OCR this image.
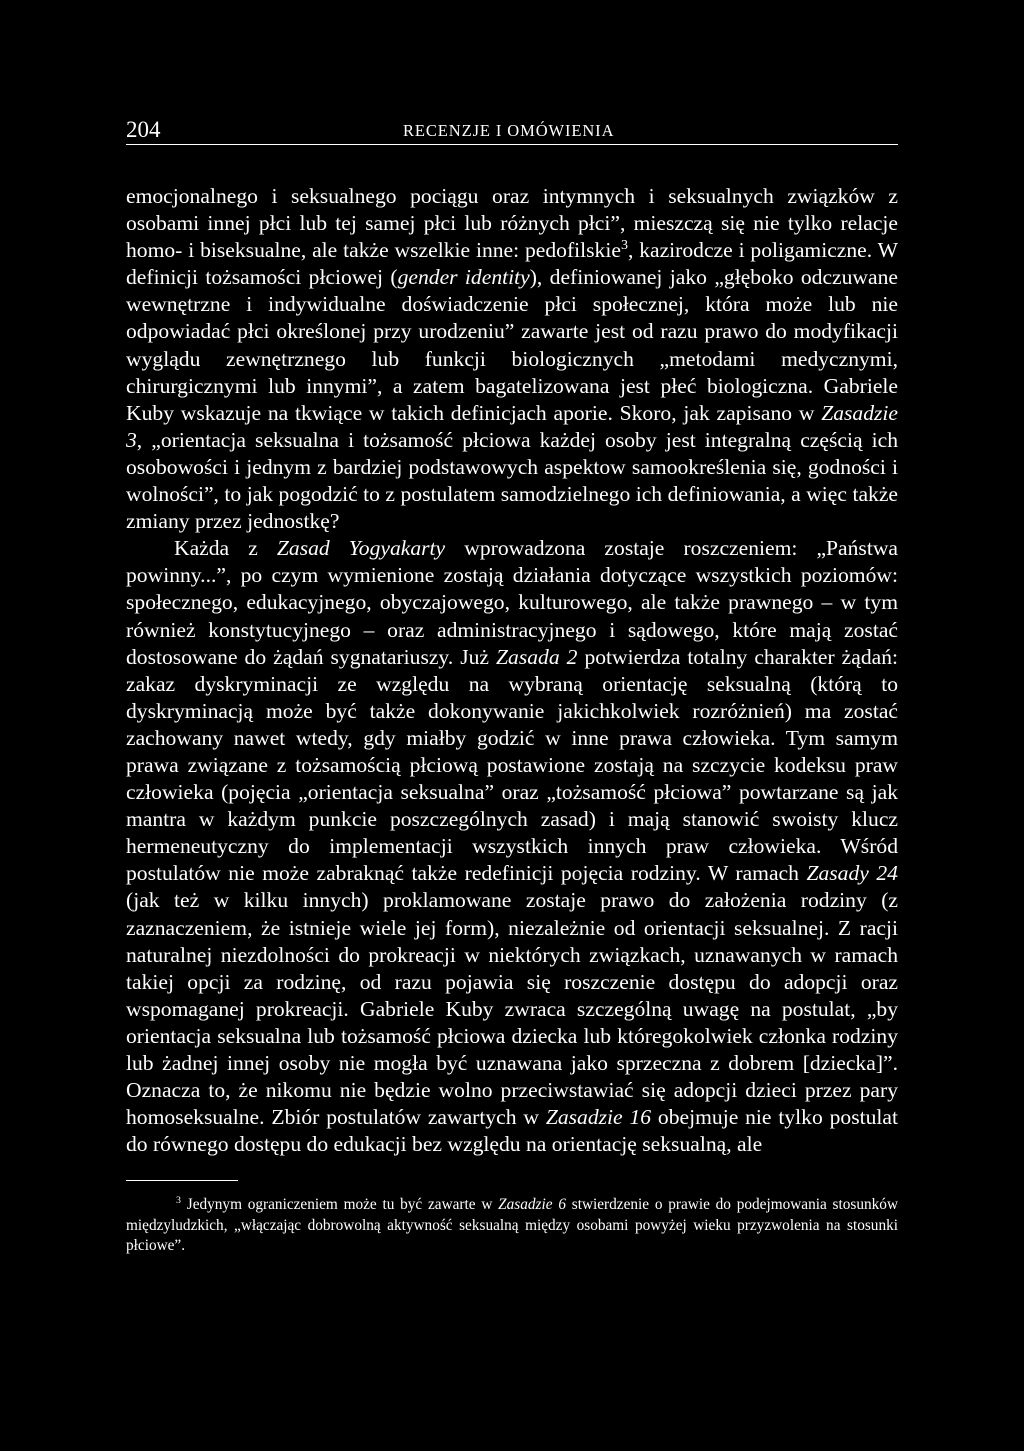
204	RECENZJE I OMÓWIENIA

emocjonalnego i seksualnego pociągu oraz intymnych i seksualnych związków z osobami innej płci lub tej samej płci lub różnych płci”, mieszczą się nie tylko relacje homo- i biseksualne, ale także wszelkie inne: pedofilskie$^3$, kazirodcze i poligamiczne. W definicji tożsamości płciowej (gender identity), definiowanej jako „głęboko odczuwane wewnętrzne i indywidualne doświadczenie płci społecznej, która może lub nie odpowiadać płci określonej przy urodzeniu” zawarte jest od razu prawo do modyfikacji wyglądu zewnętrznego lub funkcji biologicznych „metodami medycznymi, chirurgicznymi lub innymi”, a zatem bagatelizowana jest płeć biologiczna. Gabriele Kuby wskazuje na tkwiące w takich definicjach aporie. Skoro, jak zapisano w Zasadzie 3, „orientacja seksualna i tożsamość płciowa każdej osoby jest integralną częścią ich osobowości i jednym z bardziej podstawowych aspektow samookreślenia się, godności i wolności”, to jak pogodzić to z postulatem samodzielnego ich definiowania, a więc także zmiany przez jednostkę?

Każda z Zasad Yogyakarty wprowadzona zostaje roszczeniem: „Państwa powinny...”, po czym wymienione zostają działania dotyczące wszystkich poziomów: społecznego, edukacyjnego, obyczajowego, kulturowego, ale także prawnego – w tym również konstytucyjnego – oraz administracyjnego i sądowego, które mają zostać dostosowane do żądań sygnatariuszy. Już Zasada 2 potwierdza totalny charakter żądań: zakaz dyskryminacji ze względu na wybraną orientację seksualną (którą to dyskryminacją może być także dokonywanie jakichkolwiek rozróżnień) ma zostać zachowany nawet wtedy, gdy miałby godzić w inne prawa człowieka. Tym samym prawa związane z tożsamością płciową postawione zostają na szczycie kodeksu praw człowieka (pojęcia „orientacja seksualna” oraz „tożsamość płciowa” powtarzane są jak mantra w każdym punkcie poszczególnych zasad) i mają stanowić swoisty klucz hermeneutyczny do implementacji wszystkich innych praw człowieka. Wśród postulatów nie może zabraknąć także redefinicji pojęcia rodziny. W ramach Zasady 24 (jak też w kilku innych) proklamowane zostaje prawo do założenia rodziny (z zaznaczeniem, że istnieje wiele jej form), niezależnie od orientacji seksualnej. Z racji naturalnej niezdolności do prokreacji w niektórych związkach, uznawanych w ramach takiej opcji za rodzinę, od razu pojawia się roszczenie dostępu do adopcji oraz wspomaganej prokreacji. Gabriele Kuby zwraca szczególną uwagę na postulat, „by orientacja seksualna lub tożsamość płciowa dziecka lub któregokolwiek członka rodziny lub żadnej innej osoby nie mogła być uznawana jako sprzeczna z dobrem [dziecka]”. Oznacza to, że nikomu nie będzie wolno przeciwstawiać się adopcji dzieci przez pary homoseksualne. Zbiór postulatów zawartych w Zasadzie 16 obejmuje nie tylko postulat do równego dostępu do edukacji bez względu na orientację seksualną, ale

$^3$ Jedynym ograniczeniem może tu być zawarte w Zasadzie 6 stwierdzenie o prawie do podejmowania stosunków międzyludzkich, „włączając dobrowolną aktywność seksualną między osobami powyżej wieku przyzwolenia na stosunki płciowe”.
